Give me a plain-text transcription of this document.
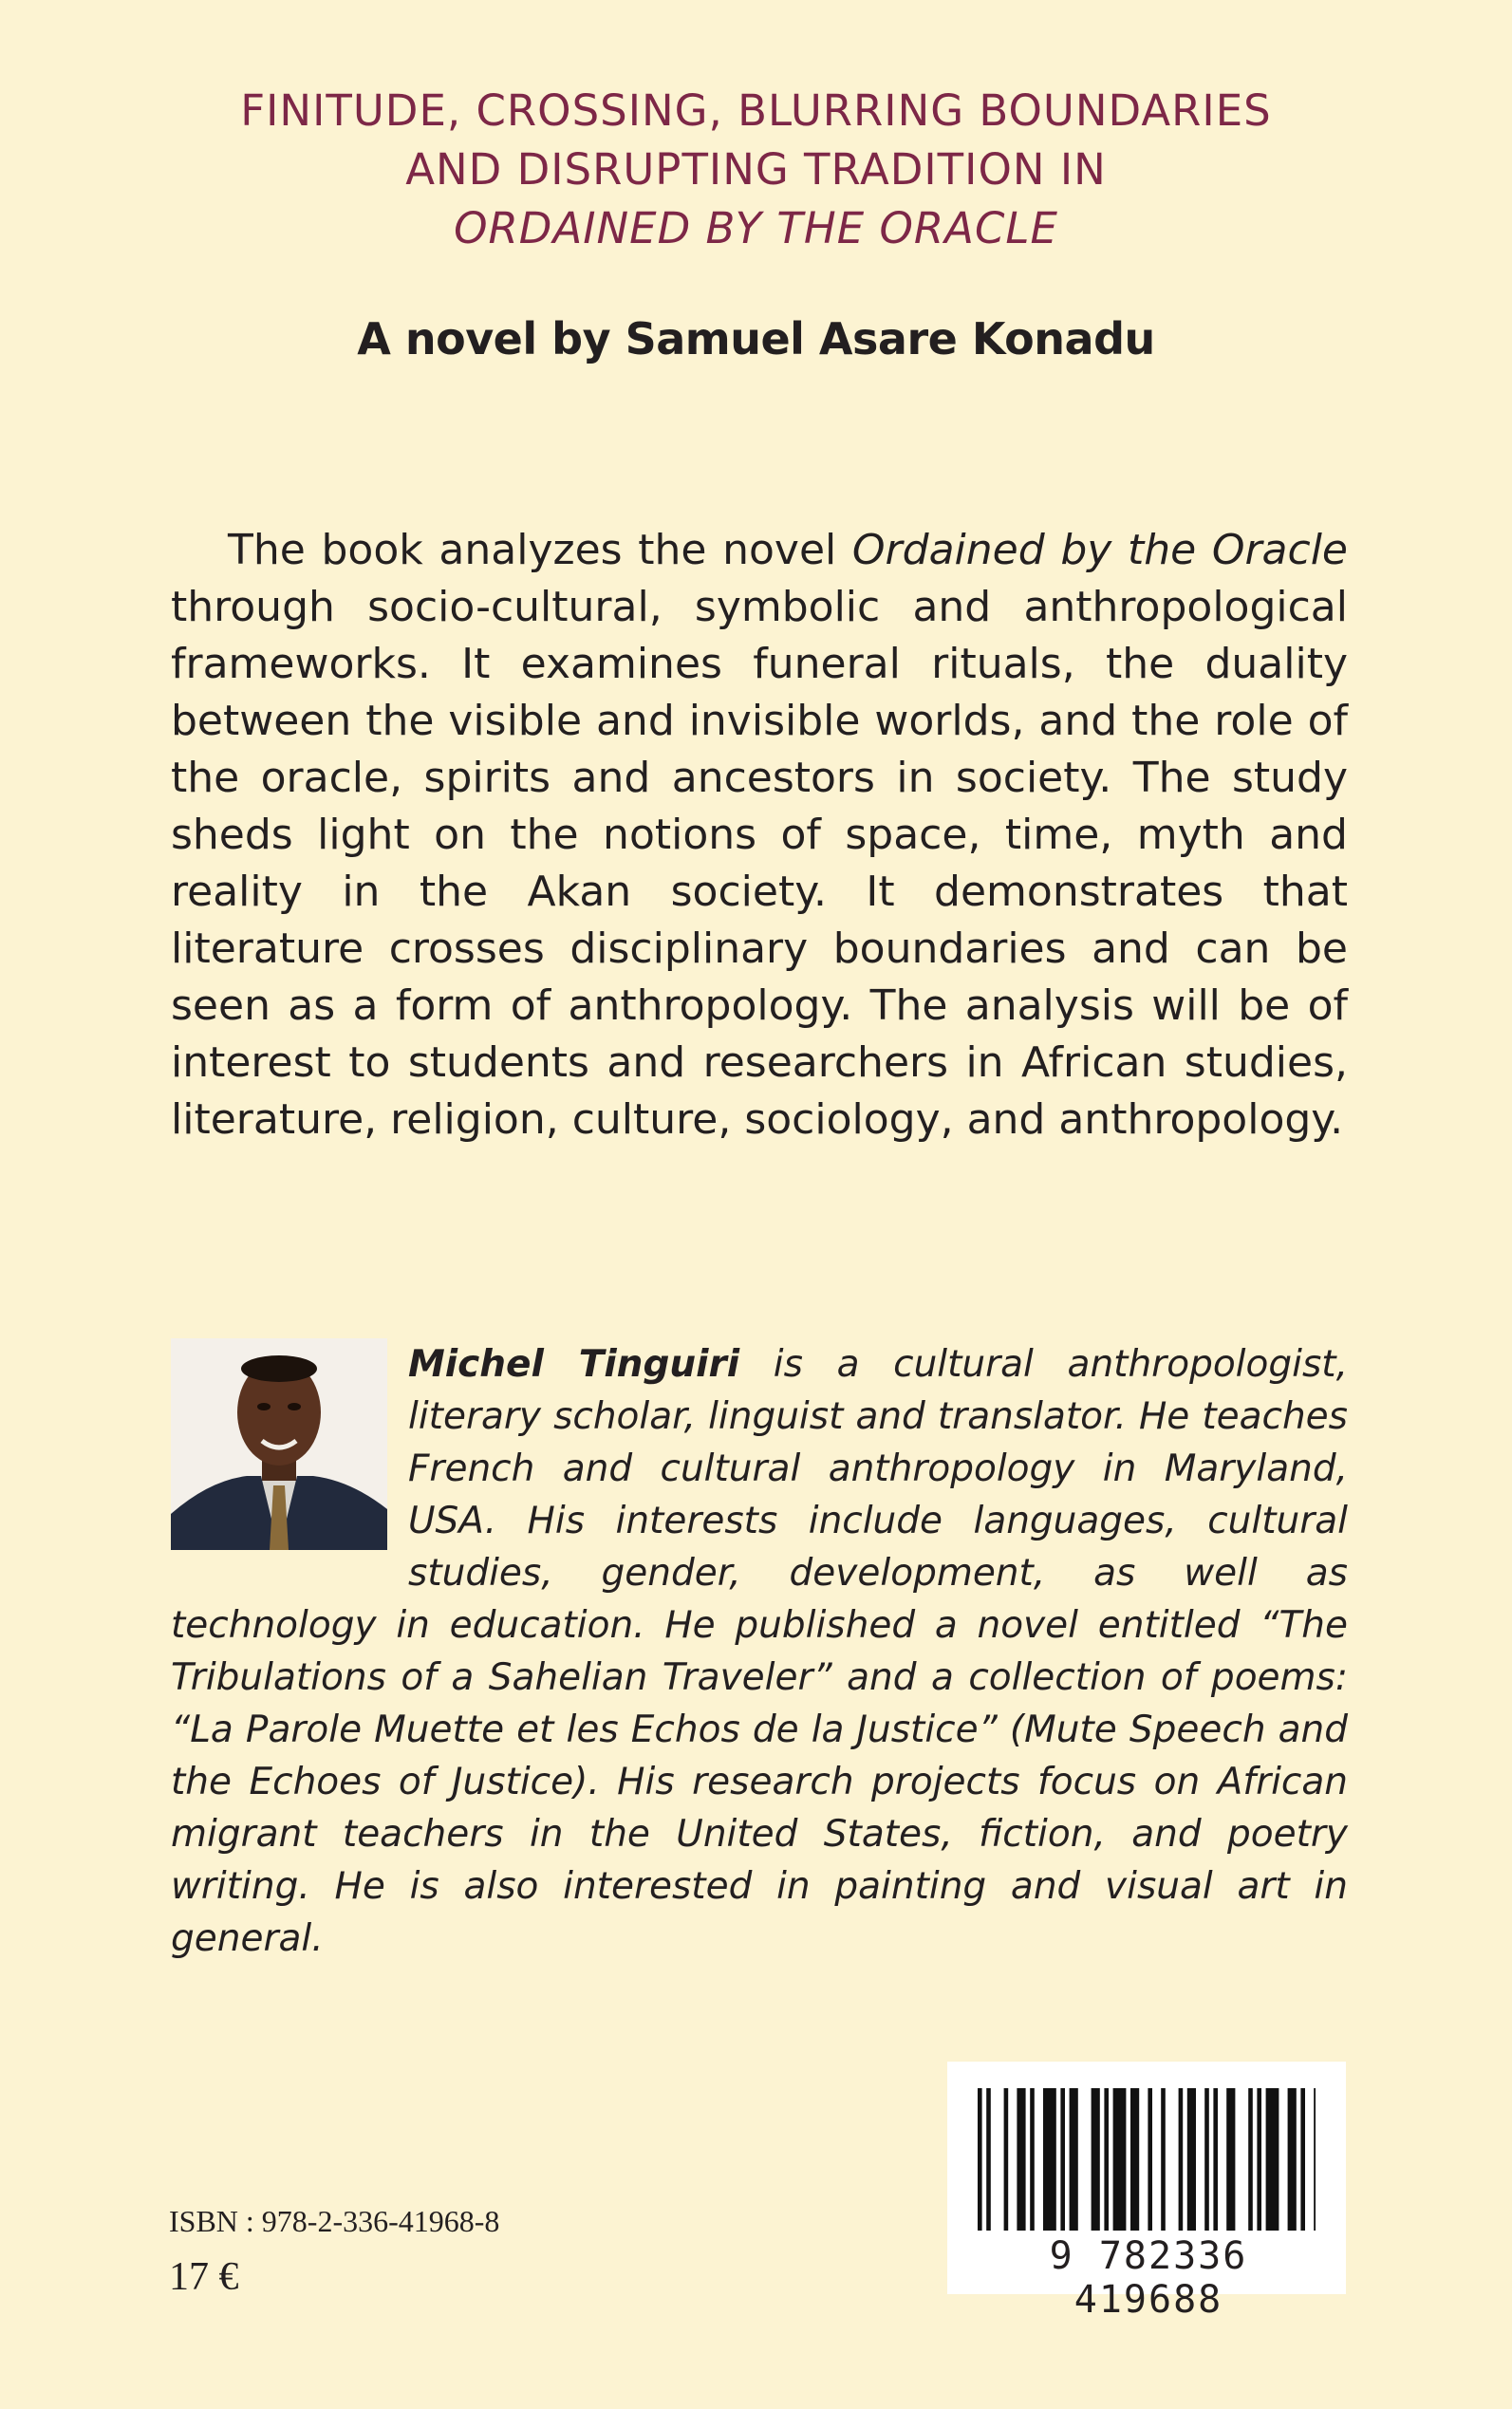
FINITUDE, CROSSING, BLURRING BOUNDARIES
AND DISRUPTING TRADITION IN
ORDAINED BY THE ORACLE
A novel by Samuel Asare Konadu

The book analyzes the novel Ordained by the Oracle through socio-cultural, symbolic and anthropological frameworks. It examines funeral rituals, the duality between the visible and invisible worlds, and the role of the oracle, spirits and ancestors in society. The study sheds light on the notions of space, time, myth and reality in the Akan society. It demonstrates that literature crosses disciplinary boundaries and can be seen as a form of anthropology. The analysis will be of interest to students and researchers in African studies, literature, religion, culture, sociology, and anthropology.

Michel Tinguiri is a cultural anthropologist, literary scholar, linguist and translator. He teaches French and cultural anthropology in Maryland, USA. His interests include languages, cultural studies, gender, development, as well as technology in education. He published a novel entitled “The Tribulations of a Sahelian Traveler” and a collection of poems: “La Parole Muette et les Echos de la Justice” (Mute Speech and the Echoes of Justice). His research projects focus on African migrant teachers in the United States, fiction, and poetry writing. He is also interested in painting and visual art in general.

ISBN : 978-2-336-41968-8
17 €	9 782336 419688
